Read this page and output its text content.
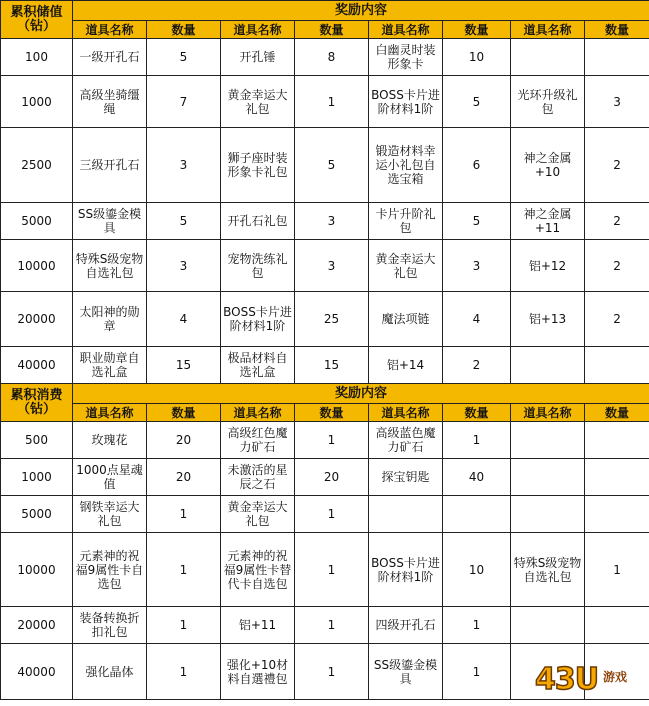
累积储值
（钻）	奖励内容							
	道具名称	数量	道具名称	数量	道具名称	数量	道具名称	数量
100	一级开孔石	5	开孔锤	8	白幽灵时装形象卡	10		
1000	高级坐骑缰绳	7	黄金幸运大礼包	1	BOSS卡片进阶材料1阶	5	光环升级礼包	3
2500	三级开孔石	3	狮子座时装形象卡礼包	5	锻造材料幸运小礼包自选宝箱	6	神之金属+10	2
5000	SS级鎏金模具	5	开孔石礼包	3	卡片升阶礼包	5	神之金属+11	2
10000	特殊S级宠物自选礼包	3	宠物洗练礼包	3	黄金幸运大礼包	3	铝+12	2
20000	太阳神的勋章	4	BOSS卡片进阶材料1阶	25	魔法项链	4	铝+13	2
40000	职业勋章自选礼盒	15	极品材料自选礼盒	15	铝+14	2		
累积消费
（钻）	奖励内容							
	道具名称	数量	道具名称	数量	道具名称	数量	道具名称	数量
500	玫瑰花	20	高级红色魔力矿石	1	高级蓝色魔力矿石	1		
1000	1000点星魂值	20	未激活的星辰之石	20	探宝钥匙	40		
5000	钢铁幸运大礼包	1	黄金幸运大礼包	1				
10000	元素神的祝福9属性卡自选包	1	元素神的祝福9属性卡替代卡自选包	1	BOSS卡片进阶材料1阶	10	特殊S级宠物自选礼包	1
20000	装备转换折扣礼包	1	铝+11	1	四级开孔石	1		
40000	强化晶体	1	强化+10材料自選禮包	1	SS级鎏金模具	1		43U 游戏
